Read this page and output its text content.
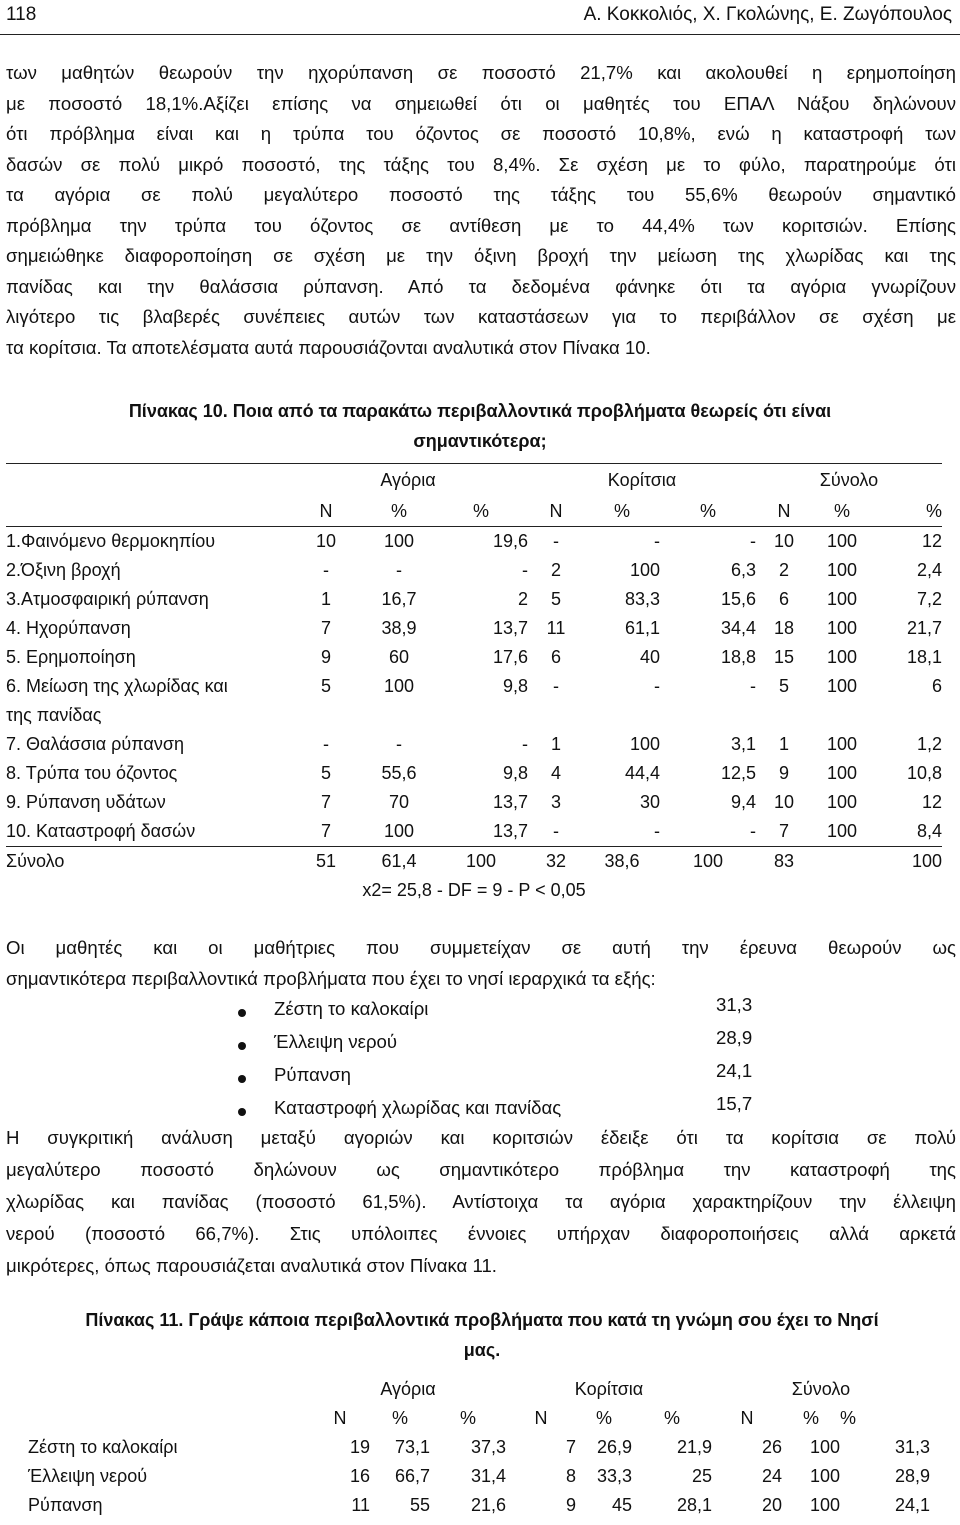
118	Α. Κοκκολιός, Χ. Γκολώνης, Ε. Ζωγόπουλος
των μαθητών θεωρούν την ηχορύπανση σε ποσοστό 21,7% και ακολουθεί η ερημοποίηση
με ποσοστό 18,1%.Αξίζει επίσης να σημειωθεί ότι οι μαθητές του ΕΠΑΛ Νάξου δηλώνουν
ότι πρόβλημα είναι και η τρύπα του όζοντος σε ποσοστό 10,8%, ενώ η καταστροφή των
δασών σε πολύ μικρό ποσοστό, της τάξης του 8,4%. Σε σχέση με το φύλο, παρατηρούμε ότι
τα αγόρια σε πολύ μεγαλύτερο ποσοστό της τάξης του 55,6% θεωρούν σημαντικό
πρόβλημα την τρύπα του όζοντος σε αντίθεση με το 44,4% των κοριτσιών. Επίσης
σημειώθηκε διαφοροποίηση σε σχέση με την όξινη βροχή την μείωση της χλωρίδας και της
πανίδας και την θαλάσσια ρύπανση. Από τα δεδομένα φάνηκε ότι τα αγόρια γνωρίζουν
λιγότερο τις βλαβερές συνέπειες αυτών των καταστάσεων για το περιβάλλον σε σχέση με
τα κορίτσια. Τα αποτελέσματα αυτά παρουσιάζονται αναλυτικά στον Πίνακα 10.
Πίνακας 10. Ποια από τα παρακάτω περιβαλλοντικά προβλήματα θεωρείς ότι είναι
σημαντικότερα;
	Αγόρια			Κορίτσια			Σύνολο		
	N	%	%	N	%	%	N	%	%

1.Φαινόμενο θερμοκηπίου	10	100	19,6	-	-	-	10	100	12

2.Όξινη βροχή	-	-	-	2	100	6,3	2	100	2,4

3.Ατμοσφαιρική ρύπανση	1	16,7	2	5	83,3	15,6	6	100	7,2

4. Ηχορύπανση	7	38,9	13,7	11	61,1	34,4	18	100	21,7

5. Ερημοποίηση	9	60	17,6	6	40	18,8	15	100	18,1

6. Μείωση της χλωρίδας και
της πανίδας	5	100	9,8	-	-	-	5	100	6

7. Θαλάσσια ρύπανση	-	-	-	1	100	3,1	1	100	1,2

8. Τρύπα του όζοντος	5	55,6	9,8	4	44,4	12,5	9	100	10,8

9. Ρύπανση υδάτων	7	70	13,7	3	30	9,4	10	100	12

10. Καταστροφή δασών	7	100	13,7	-	-	-	7	100	8,4
Σύνολο	51	61,4	100	32	38,6	100	83		100
	x2= 25,8 - DF = 9 - P < 0,05								
Οι μαθητές και οι μαθήτριες που συμμετείχαν σε αυτή την έρευνα θεωρούν ως
σημαντικότερα περιβαλλοντικά προβλήματα που έχει το νησί ιεραρχικά τα εξής:
Ζέστη το καλοκαίρι	31,3
Έλλειψη νερού	28,9
Ρύπανση	24,1
Καταστροφή χλωρίδας και πανίδας	15,7
Η συγκριτική ανάλυση μεταξύ αγοριών και κοριτσιών έδειξε ότι τα κορίτσια σε πολύ
μεγαλύτερο ποσοστό δηλώνουν ως σημαντικότερο πρόβλημα την καταστροφή της
χλωρίδας και πανίδας (ποσοστό 61,5%). Αντίστοιχα τα αγόρια χαρακτηρίζουν την έλλειψη
νερού (ποσοστό 66,7%). Στις υπόλοιπες έννοιες υπήρχαν διαφοροποιήσεις αλλά αρκετά
μικρότερες, όπως παρουσιάζεται αναλυτικά στον Πίνακα 11.
Πίνακας 11. Γράψε κάποια περιβαλλοντικά προβλήματα που κατά τη γνώμη σου έχει το Νησί
μας.
	Αγόρια			Κορίτσια			Σύνολο		
	N	%	%	N	%	%	N	%	%

Ζέστη το καλοκαίρι	19	73,1	37,3	7	26,9	21,9	26	100	31,3

Έλλειψη νερού	16	66,7	31,4	8	33,3	25	24	100	28,9

Ρύπανση	11	55	21,6	9	45	28,1	20	100	24,1
